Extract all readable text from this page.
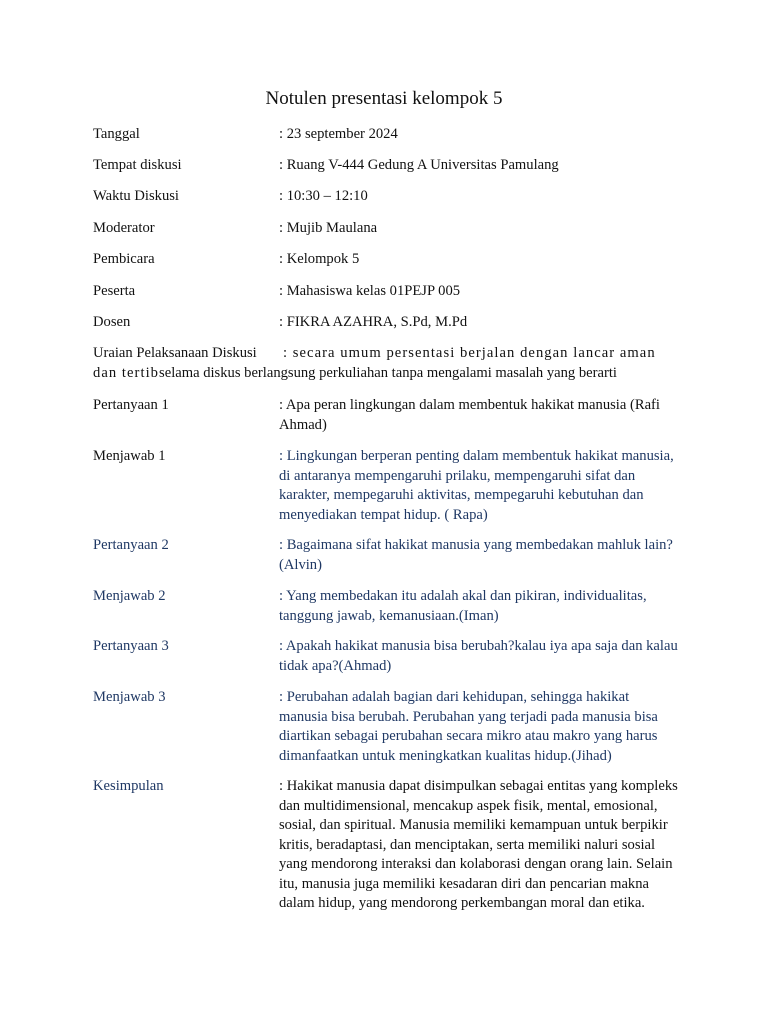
Notulen presentasi kelompok 5
Tanggal	: 23 september 2024
Tempat diskusi	: Ruang V-444 Gedung A Universitas Pamulang
Waktu Diskusi	: 10:30 – 12:10
Moderator	: Mujib Maulana
Pembicara	: Kelompok 5
Peserta	: Mahasiswa kelas 01PEJP 005
Dosen	: FIKRA AZAHRA, S.Pd, M.Pd
Uraian Pelaksanaan Diskusi : secara umum persentasi berjalan dengan lancar aman
dan tertibselama diskus berlangsung perkuliahan tanpa mengalami masalah yang berarti
Pertanyaan 1	: Apa peran lingkungan dalam membentuk hakikat manusia (Rafi Ahmad)
Menjawab 1	: Lingkungan berperan penting dalam membentuk hakikat manusia, di antaranya mempengaruhi prilaku, mempengaruhi sifat dan karakter, mempegaruhi aktivitas, mempegaruhi kebutuhan dan menyediakan tempat hidup. ( Rapa)
Pertanyaan 2	: Bagaimana sifat hakikat manusia yang membedakan mahluk lain? (Alvin)
Menjawab 2	: Yang membedakan itu adalah akal dan pikiran, individualitas, tanggung jawab, kemanusiaan.(Iman)
Pertanyaan 3	: Apakah hakikat manusia bisa berubah?kalau iya apa saja dan kalau tidak apa?(Ahmad)
Menjawab 3	: Perubahan adalah bagian dari kehidupan, sehingga hakikat manusia bisa berubah. Perubahan yang terjadi pada manusia bisa diartikan sebagai perubahan secara mikro atau makro yang harus dimanfaatkan untuk meningkatkan kualitas hidup.(Jihad)
Kesimpulan	: Hakikat manusia dapat disimpulkan sebagai entitas yang kompleks dan multidimensional, mencakup aspek fisik, mental, emosional, sosial, dan spiritual. Manusia memiliki kemampuan untuk berpikir kritis, beradaptasi, dan menciptakan, serta memiliki naluri sosial yang mendorong interaksi dan kolaborasi dengan orang lain. Selain itu, manusia juga memiliki kesadaran diri dan pencarian makna dalam hidup, yang mendorong perkembangan moral dan etika.
